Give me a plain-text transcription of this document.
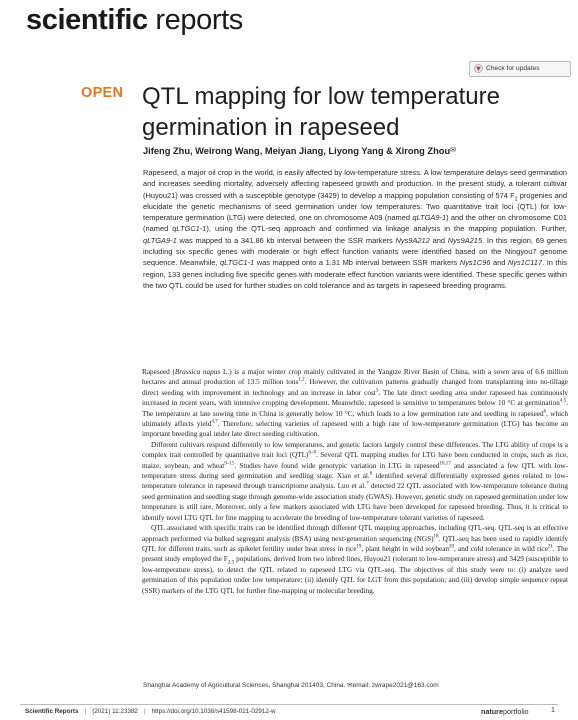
scientific reports
Check for updates
OPEN QTL mapping for low temperature germination in rapeseed
Jifeng Zhu, Weirong Wang, Meiyan Jiang, Liyong Yang & Xirong Zhou✉

Rapeseed, a major oil crop in the world, is easily affected by low-temperature stress. A low temperature delays seed germination and increases seedling mortality, adversely affecting rapeseed growth and production. In the present study, a tolerant cultivar (Huyou21) was crossed with a susceptible genotype (3429) to develop a mapping population consisting of 574 $F_2$ progenies and elucidate the genetic mechanisms of seed germination under low temperatures. Two quantitative trait loci (QTL) for low-temperature germination (LTG) were detected, one on chromosome A09 (named qLTGA9-1) and the other on chromosome C01 (named qLTGC1-1), using the QTL-seq approach and confirmed via linkage analysis in the mapping population. Further, qLTGA9-1 was mapped to a 341.86 kb interval between the SSR markers Nys9A212 and Nys9A215. In this region, 69 genes including six specific genes with moderate or high effect function variants were identified based on the Ningyou7 genome sequence. Meanwhile, qLTGC1-1 was mapped onto a 1.31 Mb interval between SSR markers Nys1C96 and Nys1C117. In this region, 133 genes including five specific genes with moderate effect function variants were identified. These specific genes within the two QTL could be used for further studies on cold tolerance and as targets in rapeseed breeding programs.

Rapeseed (Brassica napus L.) is a major winter crop mainly cultivated in the Yangtze River Basin of China, with a sown area of 6.6 million hectares and annual production of 13.5 million tons$^{1,2}$. However, the cultivation patterns gradually changed from transplanting into no-tillage direct seeding with improvement in technology and an increase in labor cost$^3$. The late direct seeding area under rapeseed has continuously increased in recent years, with intensive cropping development. Meanwhile, rapeseed is sensitive to temperatures below 10 °C at germination$^{4,5}$. The temperature at late sowing time in China is generally below 10 °C, which leads to a low germination rate and seedling in rapeseed$^6$, which ultimately affects yield$^{4,7}$. Therefore, selecting varieties of rapeseed with a high rate of low-temperature germination (LTG) has become an important breeding goal under late direct seeding cultivation.

Different cultivars respond differently to low temperatures, and genetic factors largely control these differences. The LTG ability of crops is a complex trait controlled by quantitative trait loci (QTL)$^{6-8}$. Several QTL mapping studies for LTG have been conducted in crops, such as rice, maize, soybean, and wheat$^{9-15}$. Studies have found wide genotypic variation in LTG in rapeseed$^{16,17}$ and associated a few QTL with low-temperature stress during seed germination and seedling stage. Xian et al.$^6$ identified several differentially expressed genes related to low-temperature tolerance in rapeseed through transcriptome analysis. Luo et al.$^7$ detected 22 QTL associated with low-temperature tolerance during seed germination and seedling stage through genome-wide association study (GWAS). However, genetic study on rapeseed germination under low temperature is still rare. Moreover, only a few markers associated with LTG have been developed for rapeseed breeding. Thus, it is critical to identify novel LTG QTL for fine mapping to accelerate the breeding of low-temperature tolerant varieties of rapeseed.

QTL associated with specific traits can be identified through different QTL mapping approaches, including QTL-seq. QTL-seq is an effective approach performed via bulked segregant analysis (BSA) using next-generation sequencing (NGS)$^{18}$. QTL-seq has been used to rapidly identify QTL for different traits, such as spikelet fertility under heat stress in rice$^{19}$, plant height in wild soybean$^{20}$, and cold tolerance in wild rice$^{21}$. The present study employed the $F_{2:3}$ populations, derived from two inbred lines, Huyou21 (tolerant to low-temperature stress) and 3429 (susceptible to low-temperature stress), to detect the QTL related to rapeseed LTG via QTL-seq. The objectives of this study were to: (i) analyze seed germination of this population under low temperature; (ii) identify QTL for LGT from this population; and (iii) develop simple sequence repeat (SSR) markers of the LTG QTL for further fine-mapping or molecular breeding.

Shanghai Academy of Agricultural Sciences, Shanghai 201403, China. ✉email: zwrape2021@163.com
Scientific Reports | (2021) 11:23382 | https://doi.org/10.1038/s41598-021-02912-w	natureportfolio	1
